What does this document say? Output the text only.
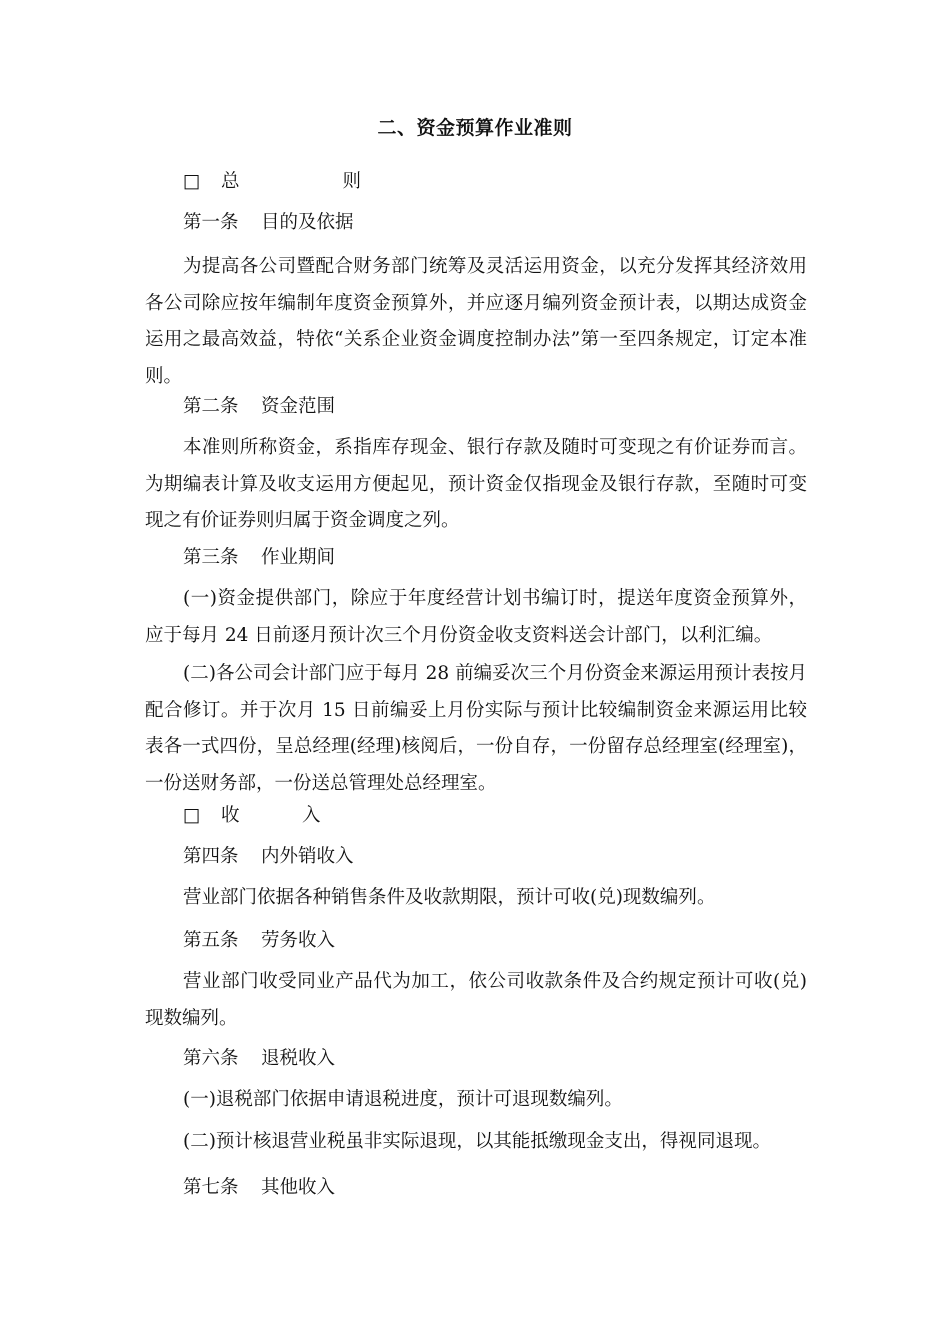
二、资金预算作业准则
□ 总　　则
第一条 目的及依据
为提高各公司暨配合财务部门统筹及灵活运用资金，以充分发挥其经济效用各公司除应按年编制年度资金预算外，并应逐月编列资金预计表，以期达成资金运用之最高效益，特依“关系企业资金调度控制办法”第一至四条规定，订定本准则。
第二条 资金范围
本准则所称资金，系指库存现金、银行存款及随时可变现之有价证券而言。为期编表计算及收支运用方便起见，预计资金仅指现金及银行存款，至随时可变现之有价证券则归属于资金调度之列。
第三条 作业期间
(一)资金提供部门，除应于年度经营计划书编订时，提送年度资金预算外，应于每月 24 日前逐月预计次三个月份资金收支资料送会计部门，以利汇编。
(二)各公司会计部门应于每月 28 前编妥次三个月份资金来源运用预计表按月配合修订。并于次月 15 日前编妥上月份实际与预计比较编制资金来源运用比较表各一式四份，呈总经理(经理)核阅后，一份自存，一份留存总经理室(经理室)，一份送财务部，一份送总管理处总经理室。
□ 收　入
第四条 内外销收入
营业部门依据各种销售条件及收款期限，预计可收(兑)现数编列。
第五条 劳务收入
营业部门收受同业产品代为加工，依公司收款条件及合约规定预计可收(兑)现数编列。
第六条 退税收入
(一)退税部门依据申请退税进度，预计可退现数编列。
(二)预计核退营业税虽非实际退现，以其能抵缴现金支出，得视同退现。
第七条 其他收入
